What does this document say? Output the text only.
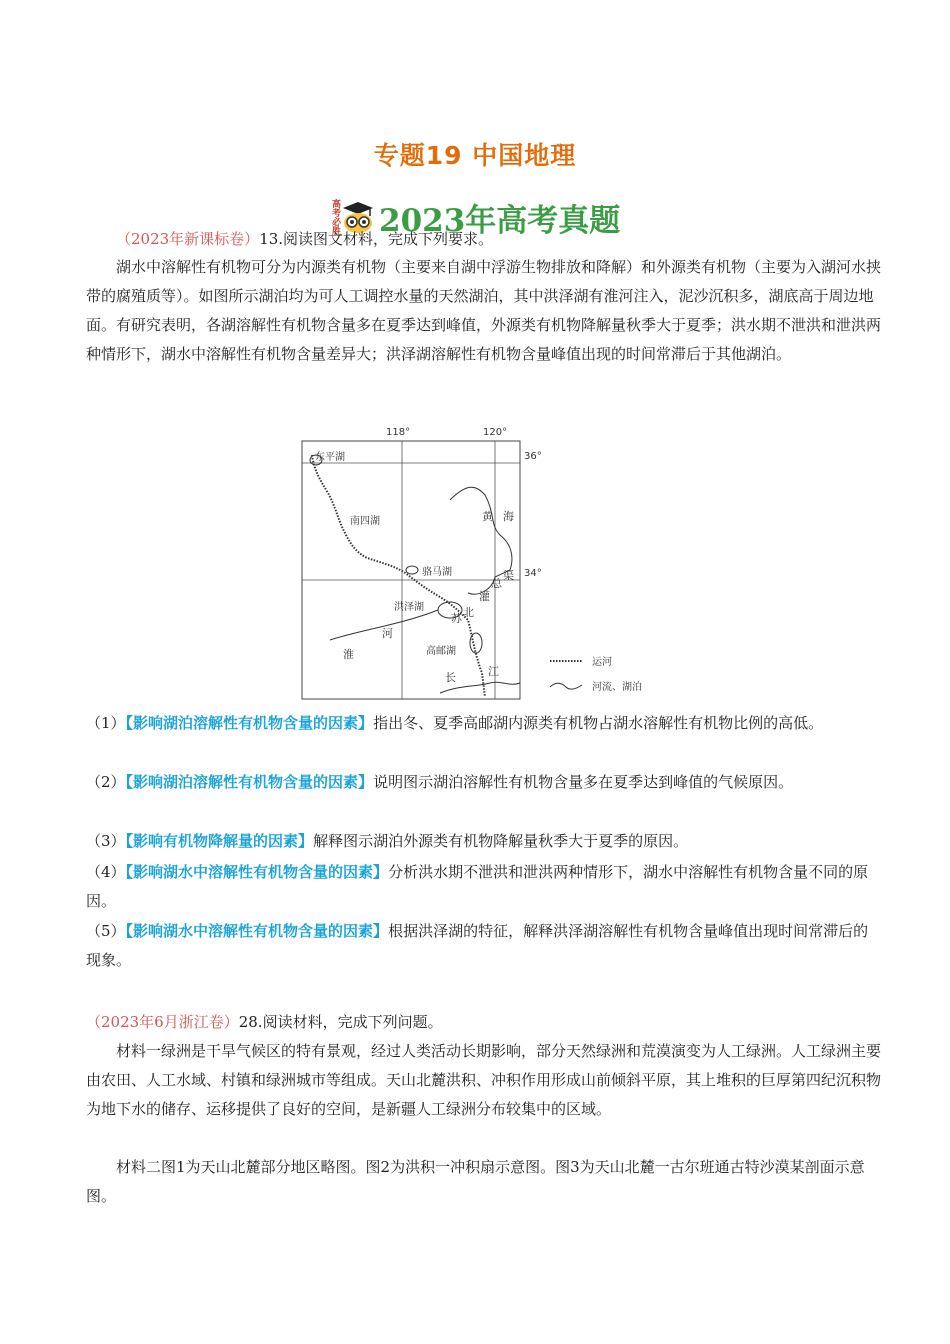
专题19 中国地理
高考必胜 2023年高考真题
（2023年新课标卷）13.阅读图文材料，完成下列要求。
湖水中溶解性有机物可分为内源类有机物（主要来自湖中浮游生物排放和降解）和外源类有机物（主要为入湖河水挟带的腐殖质等）。如图所示湖泊均为可人工调控水量的天然湖泊，其中洪泽湖有淮河注入，泥沙沉积多，湖底高于周边地面。有研究表明，各湖溶解性有机物含量多在夏季达到峰值，外源类有机物降解量秋季大于夏季；洪水期不泄洪和泄洪两种情形下，湖水中溶解性有机物含量差异大；洪泽湖溶解性有机物含量峰值出现的时间常滞后于其他湖泊。
118°	120°
36°
34°
东平湖
南四湖
骆马湖
洪泽湖
高邮湖
黄 海
苏 北
灌
总
渠
淮
河
长	江
运河
河流、湖泊
（1）【影响湖泊溶解性有机物含量的因素】指出冬、夏季高邮湖内源类有机物占湖水溶解性有机物比例的高低。
（2）【影响湖泊溶解性有机物含量的因素】说明图示湖泊溶解性有机物含量多在夏季达到峰值的气候原因。
（3）【影响有机物降解量的因素】解释图示湖泊外源类有机物降解量秋季大于夏季的原因。
（4）【影响湖水中溶解性有机物含量的因素】分析洪水期不泄洪和泄洪两种情形下，湖水中溶解性有机物含量不同的原因。
（5）【影响湖水中溶解性有机物含量的因素】根据洪泽湖的特征，解释洪泽湖溶解性有机物含量峰值出现时间常滞后的现象。
（2023年6月浙江卷）28.阅读材料，完成下列问题。
材料一绿洲是干旱气候区的特有景观，经过人类活动长期影响，部分天然绿洲和荒漠演变为人工绿洲。人工绿洲主要由农田、人工水域、村镇和绿洲城市等组成。天山北麓洪积、冲积作用形成山前倾斜平原，其上堆积的巨厚第四纪沉积物为地下水的储存、运移提供了良好的空间，是新疆人工绿洲分布较集中的区域。
材料二图1为天山北麓部分地区略图。图2为洪积一冲积扇示意图。图3为天山北麓一古尔班通古特沙漠某剖面示意图。
